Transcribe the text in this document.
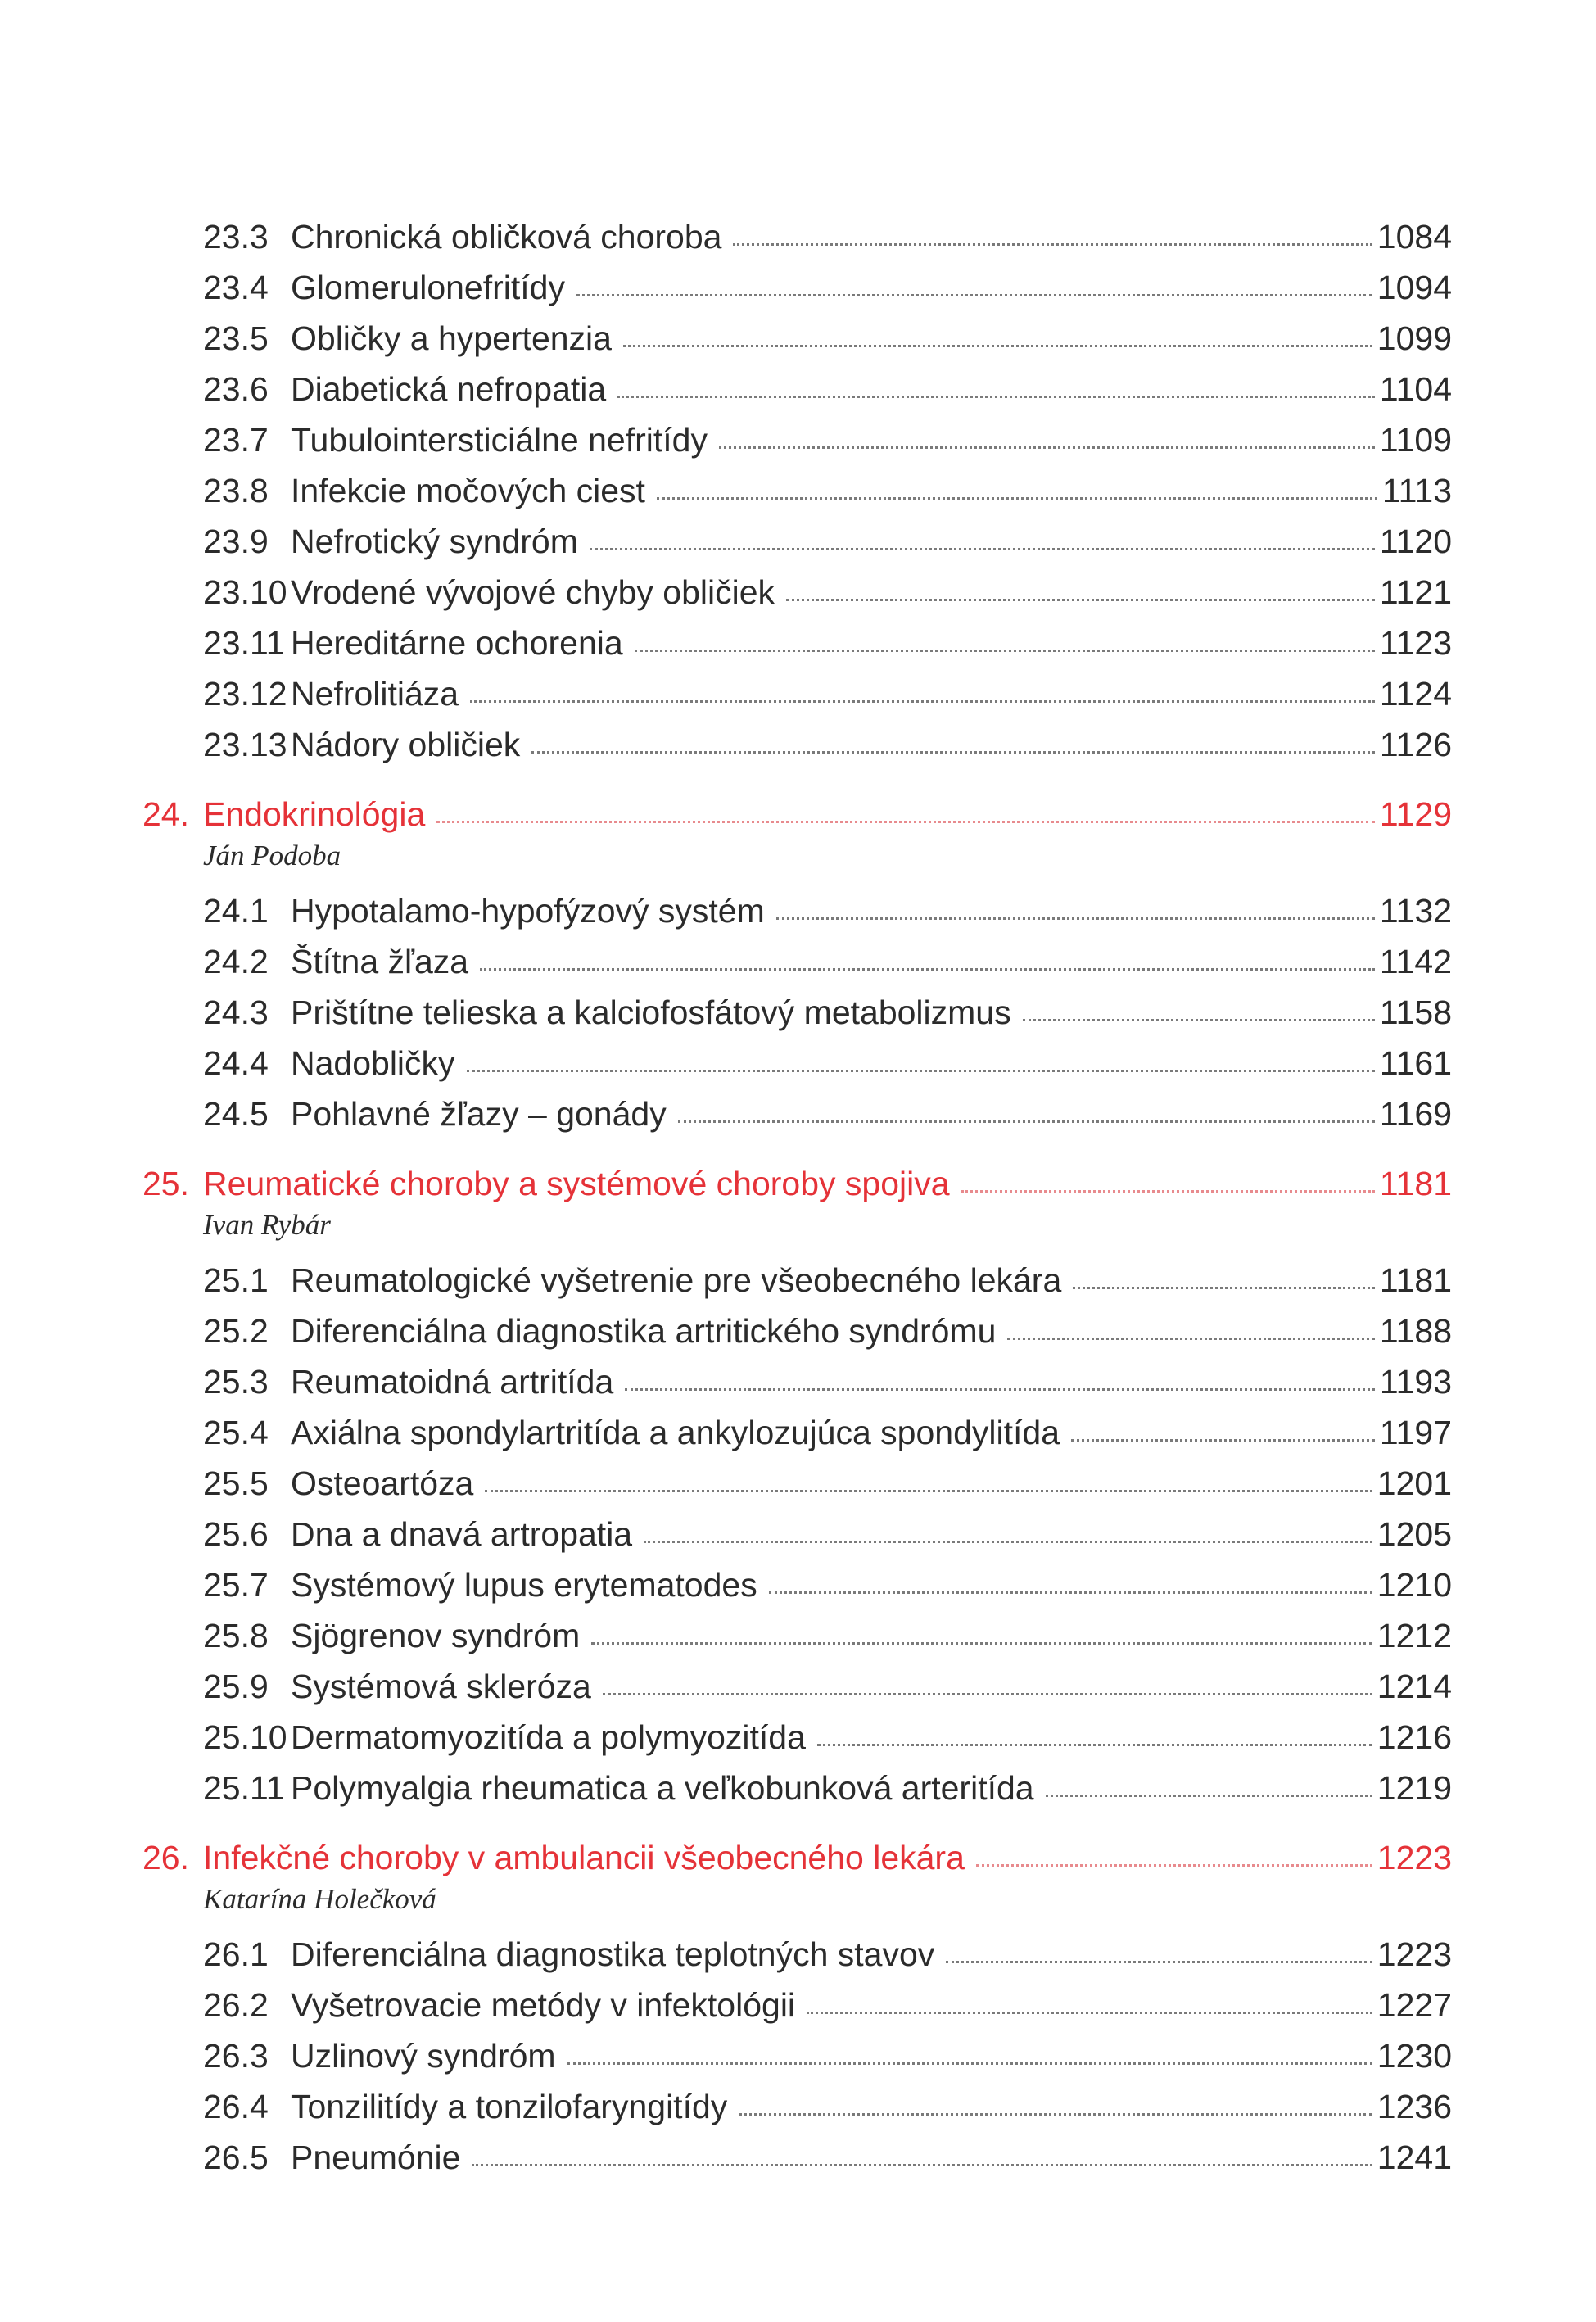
23.3 Chronická obličková choroba	1084
23.4 Glomerulonefritídy	1094
23.5 Obličky a hypertenzia	1099
23.6 Diabetická nefropatia	1104
23.7 Tubulointersticiálne nefritídy	1109
23.8 Infekcie močových ciest	1113
23.9 Nefrotický syndróm	1120
23.10 Vrodené vývojové chyby obličiek	1121
23.11 Hereditárne ochorenia	1123
23.12 Nefrolitiáza	1124
23.13 Nádory obličiek	1126
24. Endokrinológia	1129
Ján Podoba
24.1 Hypotalamo-hypofýzový systém	1132
24.2 Štítna žľaza	1142
24.3 Prištítne telieska a kalciofosfátový metabolizmus	1158
24.4 Nadobličky	1161
24.5 Pohlavné žľazy – gonády	1169
25. Reumatické choroby a systémové choroby spojiva	1181
Ivan Rybár
25.1 Reumatologické vyšetrenie pre všeobecného lekára	1181
25.2 Diferenciálna diagnostika artritického syndrómu	1188
25.3 Reumatoidná artritída	1193
25.4 Axiálna spondylartritída a ankylozujúca spondylitída	1197
25.5 Osteoartóza	1201
25.6 Dna a dnavá artropatia	1205
25.7 Systémový lupus erytematodes	1210
25.8 Sjögrenov syndróm	1212
25.9 Systémová skleróza	1214
25.10 Dermatomyozitída a polymyozitída	1216
25.11 Polymyalgia rheumatica a veľkobunková arteritída	1219
26. Infekčné choroby v ambulancii všeobecného lekára	1223
Katarína Holečková
26.1 Diferenciálna diagnostika teplotných stavov	1223
26.2 Vyšetrovacie metódy v infektológii	1227
26.3 Uzlinový syndróm	1230
26.4 Tonzilitídy a tonzilofaryngitídy	1236
26.5 Pneumónie	1241
